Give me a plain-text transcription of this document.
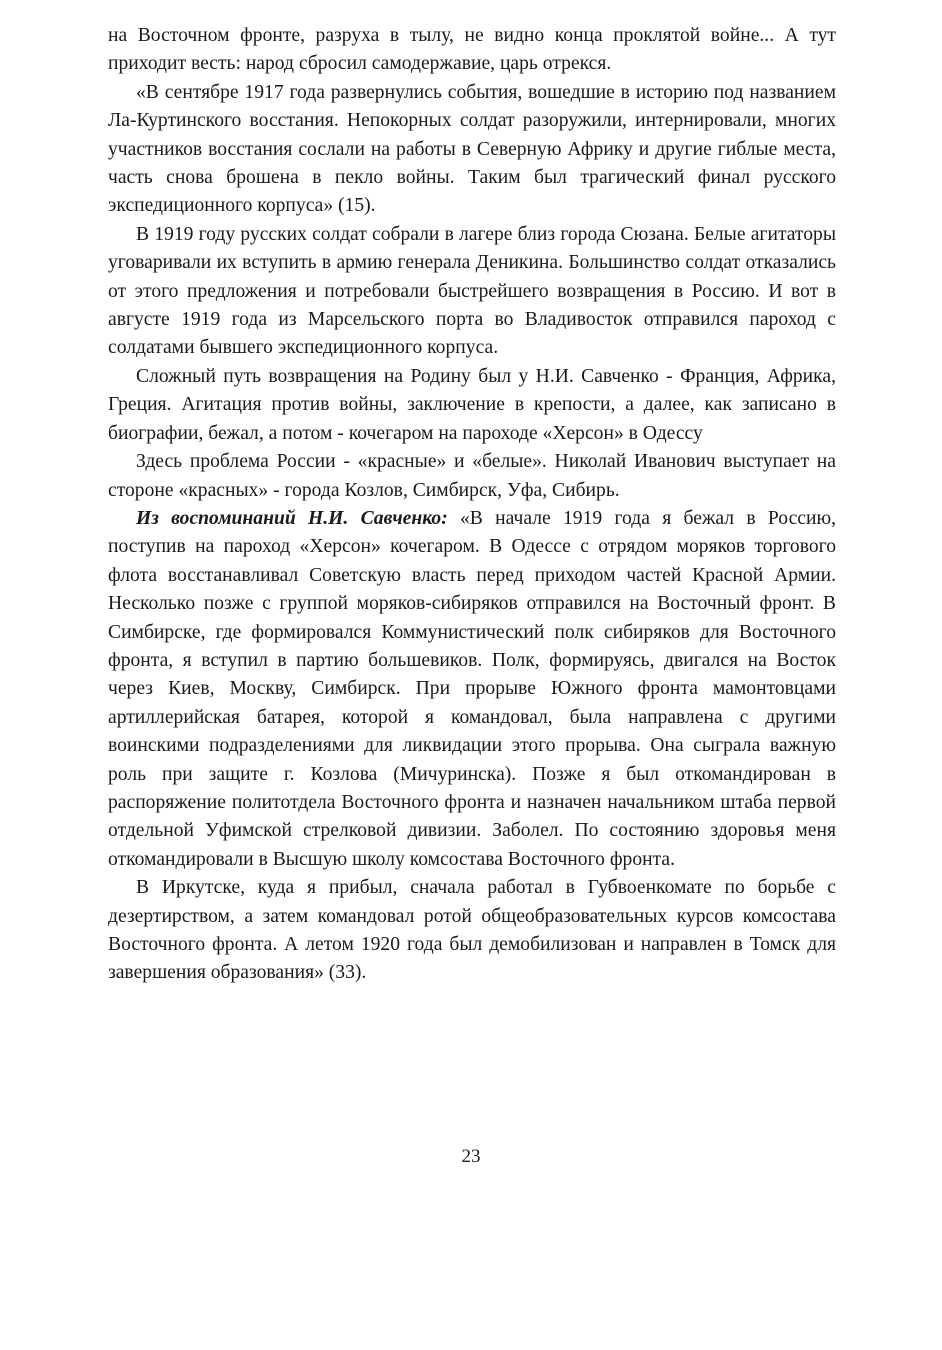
на Восточном фронте, разруха в тылу, не видно конца проклятой войне... А тут приходит весть: народ сбросил самодержавие, царь отрекся.

«В сентябре 1917 года развернулись события, вошедшие в историю под названием Ла-Куртинского восстания. Непокорных солдат разоружили, интернировали, многих участников восстания сослали на работы в Северную Африку и другие гиблые места, часть снова брошена в пекло войны. Таким был трагический финал русского экспедиционного корпуса» (15).

В 1919 году русских солдат собрали в лагере близ города Сюзана. Белые агитаторы уговаривали их вступить в армию генерала Деникина. Большинство солдат отказались от этого предложения и потребовали быстрейшего возвращения в Россию. И вот в августе 1919 года из Марсельского порта во Владивосток отправился пароход с солдатами бывшего экспедиционного корпуса.

Сложный путь возвращения на Родину был у Н.И. Савченко - Франция, Африка, Греция. Агитация против войны, заключение в крепости, а далее, как записано в биографии, бежал, а потом - кочегаром на пароходе «Херсон» в Одессу

Здесь проблема России - «красные» и «белые». Николай Иванович выступает на стороне «красных» - города Козлов, Симбирск, Уфа, Сибирь.

Из воспоминаний Н.И. Савченко: «В начале 1919 года я бежал в Россию, поступив на пароход «Херсон» кочегаром. В Одессе с отрядом моряков торгового флота восстанавливал Советскую власть перед приходом частей Красной Армии. Несколько позже с группой моряков-сибиряков отправился на Восточный фронт. В Симбирске, где формировался Коммунистический полк сибиряков для Восточного фронта, я вступил в партию большевиков. Полк, формируясь, двигался на Восток через Киев, Москву, Симбирск. При прорыве Южного фронта мамонтовцами артиллерийская батарея, которой я командовал, была направлена с другими воинскими подразделениями для ликвидации этого прорыва. Она сыграла важную роль при защите г. Козлова (Мичуринска). Позже я был откомандирован в распоряжение политотдела Восточного фронта и назначен начальником штаба первой отдельной Уфимской стрелковой дивизии. Заболел. По состоянию здоровья меня откомандировали в Высшую школу комсостава Восточного фронта.

В Иркутске, куда я прибыл, сначала работал в Губвоенкомате по борьбе с дезертирством, а затем командовал ротой общеобразовательных курсов комсостава Восточного фронта. А летом 1920 года был демобилизован и направлен в Томск для завершения образования» (33).

23
